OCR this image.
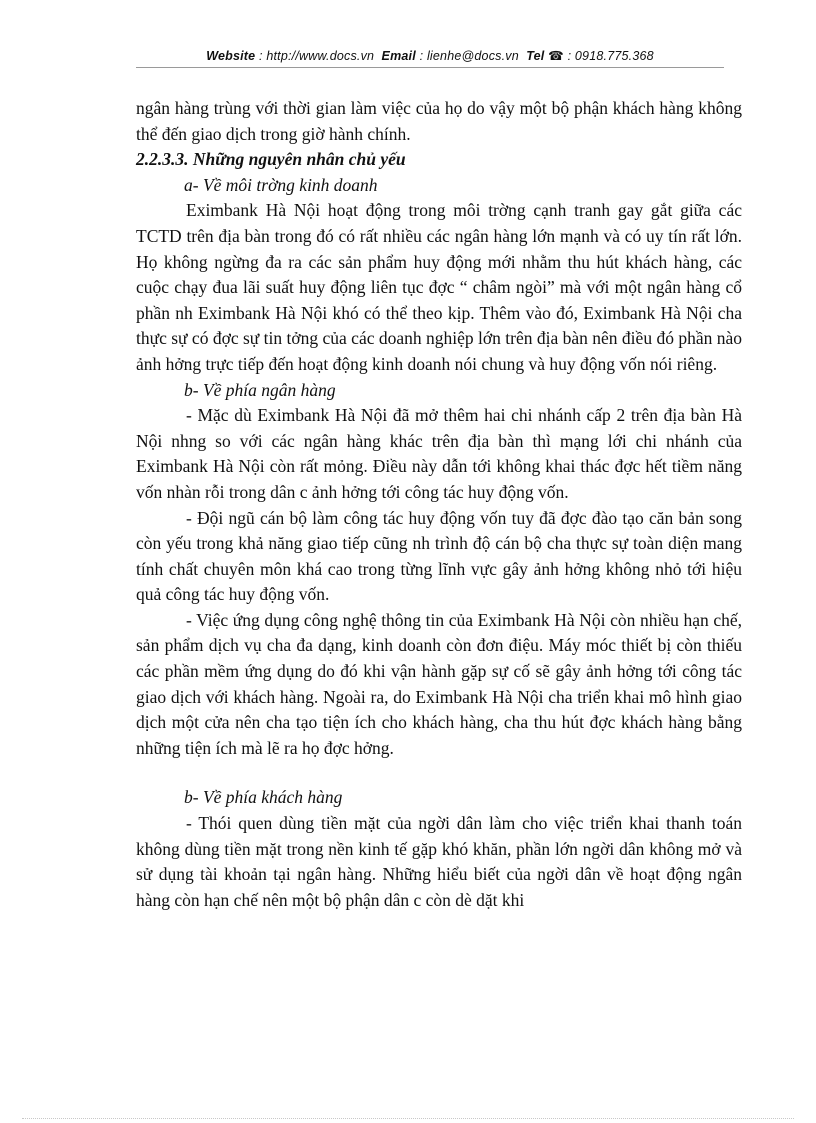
Website : http://www.docs.vn Email : lienhe@docs.vn Tel ☎ : 0918.775.368

ngân hàng trùng với thời gian làm việc của họ do vậy một bộ phận khách hàng không thể đến giao dịch trong giờ hành chính.

2.2.3.3. Những nguyên nhân chủ yếu

a- Về môi trờng kinh doanh

Eximbank Hà Nội hoạt động trong môi trờng cạnh tranh gay gắt giữa các TCTD trên địa bàn trong đó có rất nhiều các ngân hàng lớn mạnh và có uy tín rất lớn. Họ không ngừng đa ra các sản phẩm huy động mới nhằm thu hút khách hàng, các cuộc chạy đua lãi suất huy động liên tục đợc “ châm ngòi” mà với một ngân hàng cổ phần nh Eximbank Hà Nội khó có thể theo kịp. Thêm vào đó, Eximbank Hà Nội cha thực sự có đợc sự tin tởng của các doanh nghiệp lớn trên địa bàn nên điều đó phần nào ảnh hởng trực tiếp đến hoạt động kinh doanh nói chung và huy động vốn nói riêng.

b- Về phía ngân hàng

- Mặc dù Eximbank Hà Nội đã mở thêm hai chi nhánh cấp 2 trên địa bàn Hà Nội nhng so với các ngân hàng khác trên địa bàn thì mạng lới chi nhánh của Eximbank Hà Nội còn rất mỏng. Điều này dẫn tới không khai thác đợc hết tiềm năng vốn nhàn rỗi trong dân c ảnh hởng tới công tác huy động vốn.

- Đội ngũ cán bộ làm công tác huy động vốn tuy đã đợc đào tạo căn bản song còn yếu trong khả năng giao tiếp cũng nh trình độ cán bộ cha thực sự toàn diện mang tính chất chuyên môn khá cao trong từng lĩnh vực gây ảnh hởng không nhỏ tới hiệu quả công tác huy động vốn.

- Việc ứng dụng công nghệ thông tin của Eximbank Hà Nội còn nhiều hạn chế, sản phẩm dịch vụ cha đa dạng, kinh doanh còn đơn điệu. Máy móc thiết bị còn thiếu các phần mềm ứng dụng do đó khi vận hành gặp sự cố sẽ gây ảnh hởng tới công tác giao dịch với khách hàng. Ngoài ra, do Eximbank Hà Nội cha triển khai mô hình giao dịch một cửa nên cha tạo tiện ích cho khách hàng, cha thu hút đợc khách hàng bằng những tiện ích mà lẽ ra họ đợc hởng.

b- Về phía khách hàng

- Thói quen dùng tiền mặt của ngời dân làm cho việc triển khai thanh toán không dùng tiền mặt trong nền kinh tế gặp khó khăn, phần lớn ngời dân không mở và sử dụng tài khoản tại ngân hàng. Những hiểu biết của ngời dân về hoạt động ngân hàng còn hạn chế nên một bộ phận dân c còn dè dặt khi
